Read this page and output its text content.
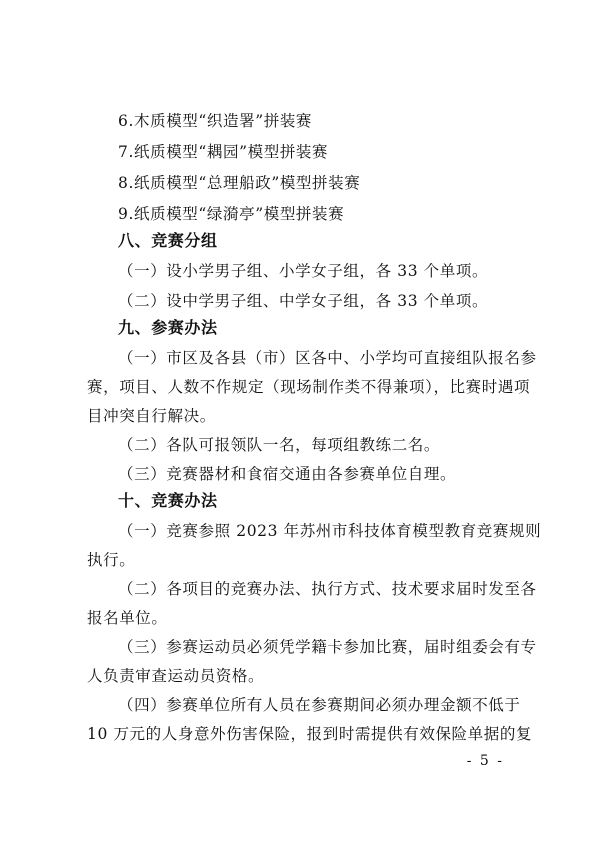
6.木质模型“织造署”拼装赛
7.纸质模型“耦园”模型拼装赛
8.纸质模型“总理船政”模型拼装赛
9.纸质模型“绿漪亭”模型拼装赛
八、竞赛分组
（一）设小学男子组、小学女子组，各 33 个单项。
（二）设中学男子组、中学女子组，各 33 个单项。
九、参赛办法
（一）市区及各县（市）区各中、小学均可直接组队报名参
赛，项目、人数不作规定（现场制作类不得兼项），比赛时遇项
目冲突自行解决。
（二）各队可报领队一名，每项组教练二名。
（三）竞赛器材和食宿交通由各参赛单位自理。
十、竞赛办法
（一）竞赛参照 2023 年苏州市科技体育模型教育竞赛规则
执行。
（二）各项目的竞赛办法、执行方式、技术要求届时发至各
报名单位。
（三）参赛运动员必须凭学籍卡参加比赛，届时组委会有专
人负责审查运动员资格。
（四）参赛单位所有人员在参赛期间必须办理金额不低于
10 万元的人身意外伤害保险，报到时需提供有效保险单据的复
- 5 -
